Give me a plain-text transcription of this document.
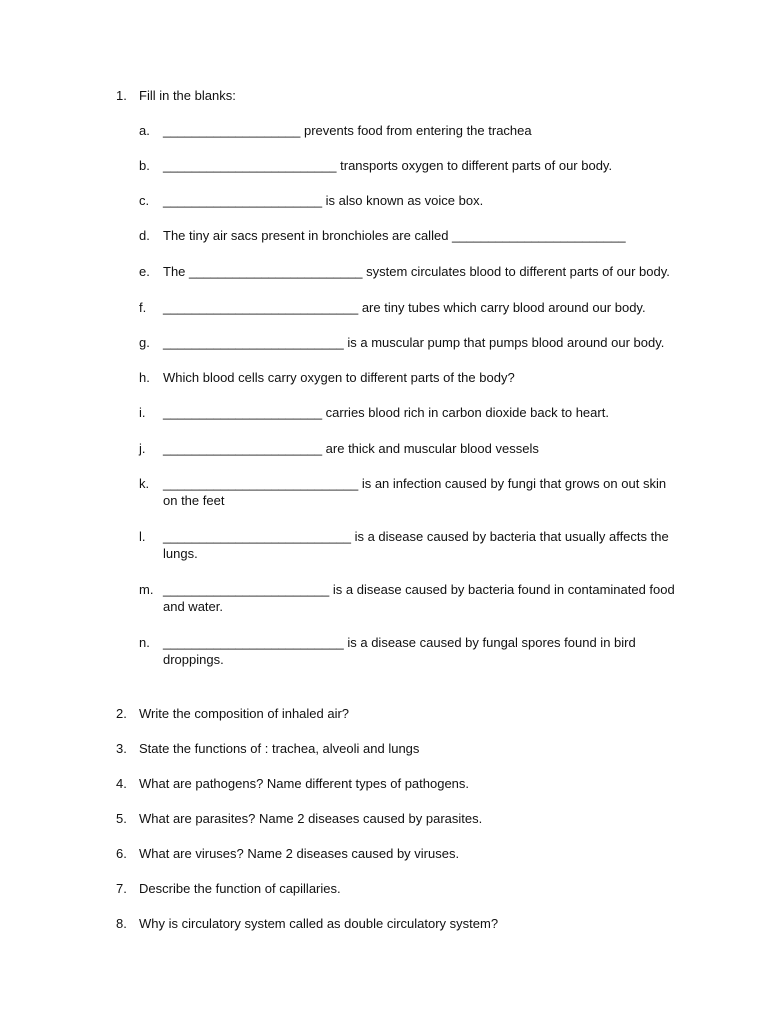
1. Fill in the blanks:
a. ___________________ prevents food from entering the trachea
b. ________________________ transports oxygen to different parts of our body.
c. ______________________ is also known as voice box.
d. The tiny air sacs present in bronchioles are called ________________________
e. The ________________________ system circulates blood to different parts of our body.
f. ___________________________ are tiny tubes which carry blood around our body.
g. _________________________ is a muscular pump that pumps blood around our body.
h. Which blood cells carry oxygen to different parts of the body?
i. ______________________ carries blood rich in carbon dioxide back to heart.
j. ______________________ are thick and muscular blood vessels
k. ___________________________ is an infection caused by fungi that grows on out skin on the feet
l. __________________________ is a disease caused by bacteria that usually affects the lungs.
m. _______________________ is a disease caused by bacteria found in contaminated food and water.
n. _________________________ is a disease caused by fungal spores found in bird droppings.
2. Write the composition of inhaled air?
3. State the functions of : trachea, alveoli and lungs
4. What are pathogens? Name different types of pathogens.
5. What are parasites? Name 2 diseases caused by parasites.
6. What are viruses? Name 2 diseases caused by viruses.
7. Describe the function of capillaries.
8. Why is circulatory system called as double circulatory system?
